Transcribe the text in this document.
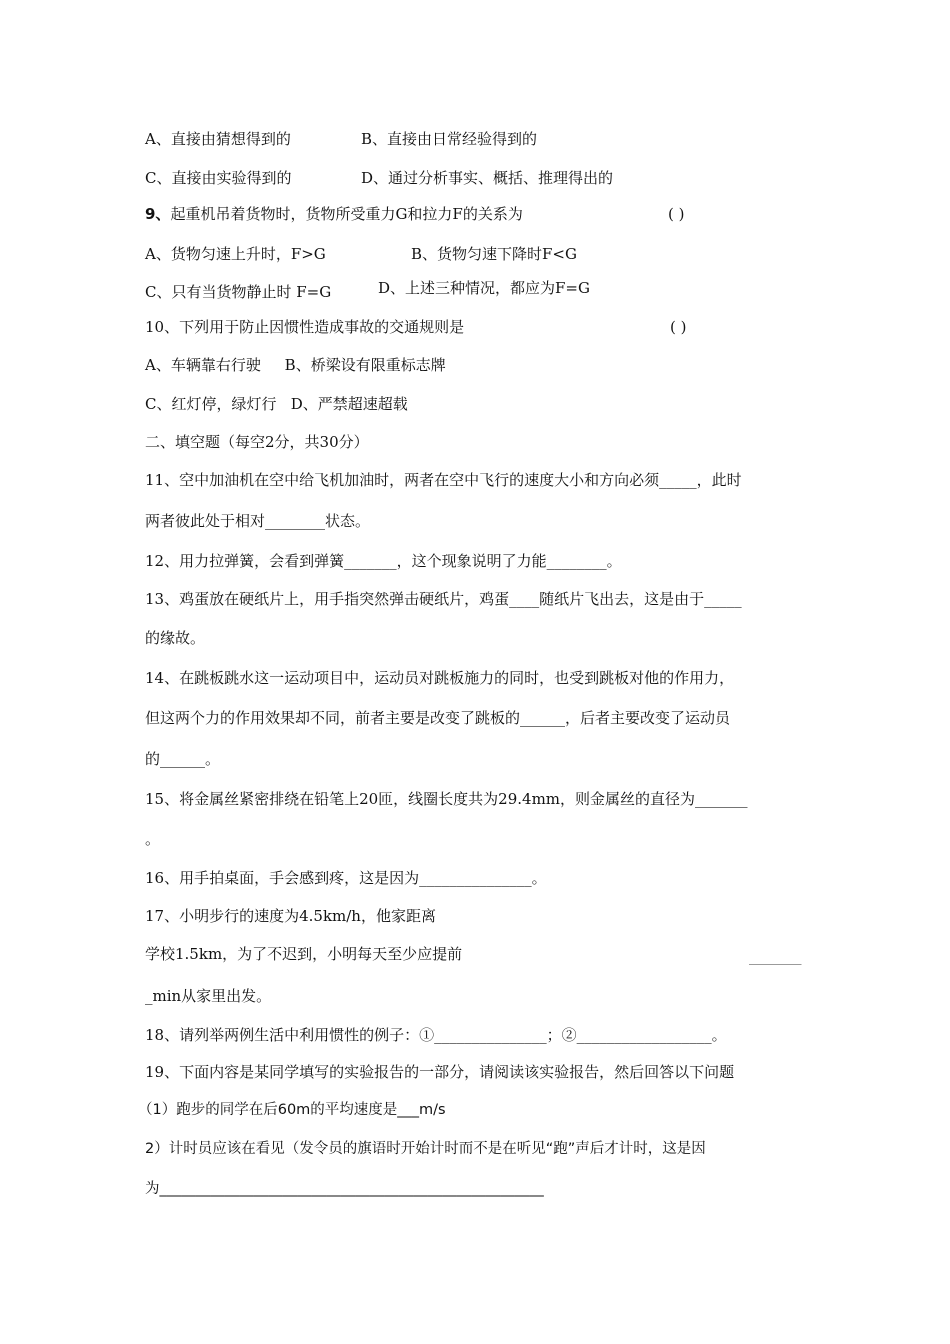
A、直接由猜想得到的	B、直接由日常经验得到的
C、直接由实验得到的	D、通过分析事实、概括、推理得出的
9、起重机吊着货物时，货物所受重力G和拉力F的关系为	( )
A、货物匀速上升时，F>G	B、货物匀速下降时F<G
C、只有当货物静止时 F=G	D、上述三种情况，都应为F=G
10、下列用于防止因惯性造成事故的交通规则是	( )
A、车辆靠右行驶     B、桥梁设有限重标志牌
C、红灯停，绿灯行   D、严禁超速超载
二、填空题（每空2分，共30分）
11、空中加油机在空中给飞机加油时，两者在空中飞行的速度大小和方向必须_____，此时
两者彼此处于相对________状态。
12、用力拉弹簧，会看到弹簧_______，这个现象说明了力能________。
13、鸡蛋放在硬纸片上，用手指突然弹击硬纸片，鸡蛋____随纸片飞出去，这是由于_____
的缘故。
14、在跳板跳水这一运动项目中，运动员对跳板施力的同时，也受到跳板对他的作用力，
但这两个力的作用效果却不同，前者主要是改变了跳板的______，后者主要改变了运动员
的______。
15、将金属丝紧密排绕在铅笔上20匝，线圈长度共为29.4mm，则金属丝的直径为_______
。
16、用手拍桌面，手会感到疼，这是因为_______________。
17、小明步行的速度为4.5km/h，他家距离
学校1.5km，为了不迟到，小明每天至少应提前	_______
_min从家里出发。
18、请列举两例生活中利用惯性的例子：①_______________；②__________________。
19、下面内容是某同学填写的实验报告的一部分，请阅读该实验报告，然后回答以下问题
（1）跑步的同学在后60m的平均速度是___m/s
2）计时员应该在看见（发令员的旗语时开始计时而不是在听见“跑”声后才计时，这是因
为_____________________________________________________
